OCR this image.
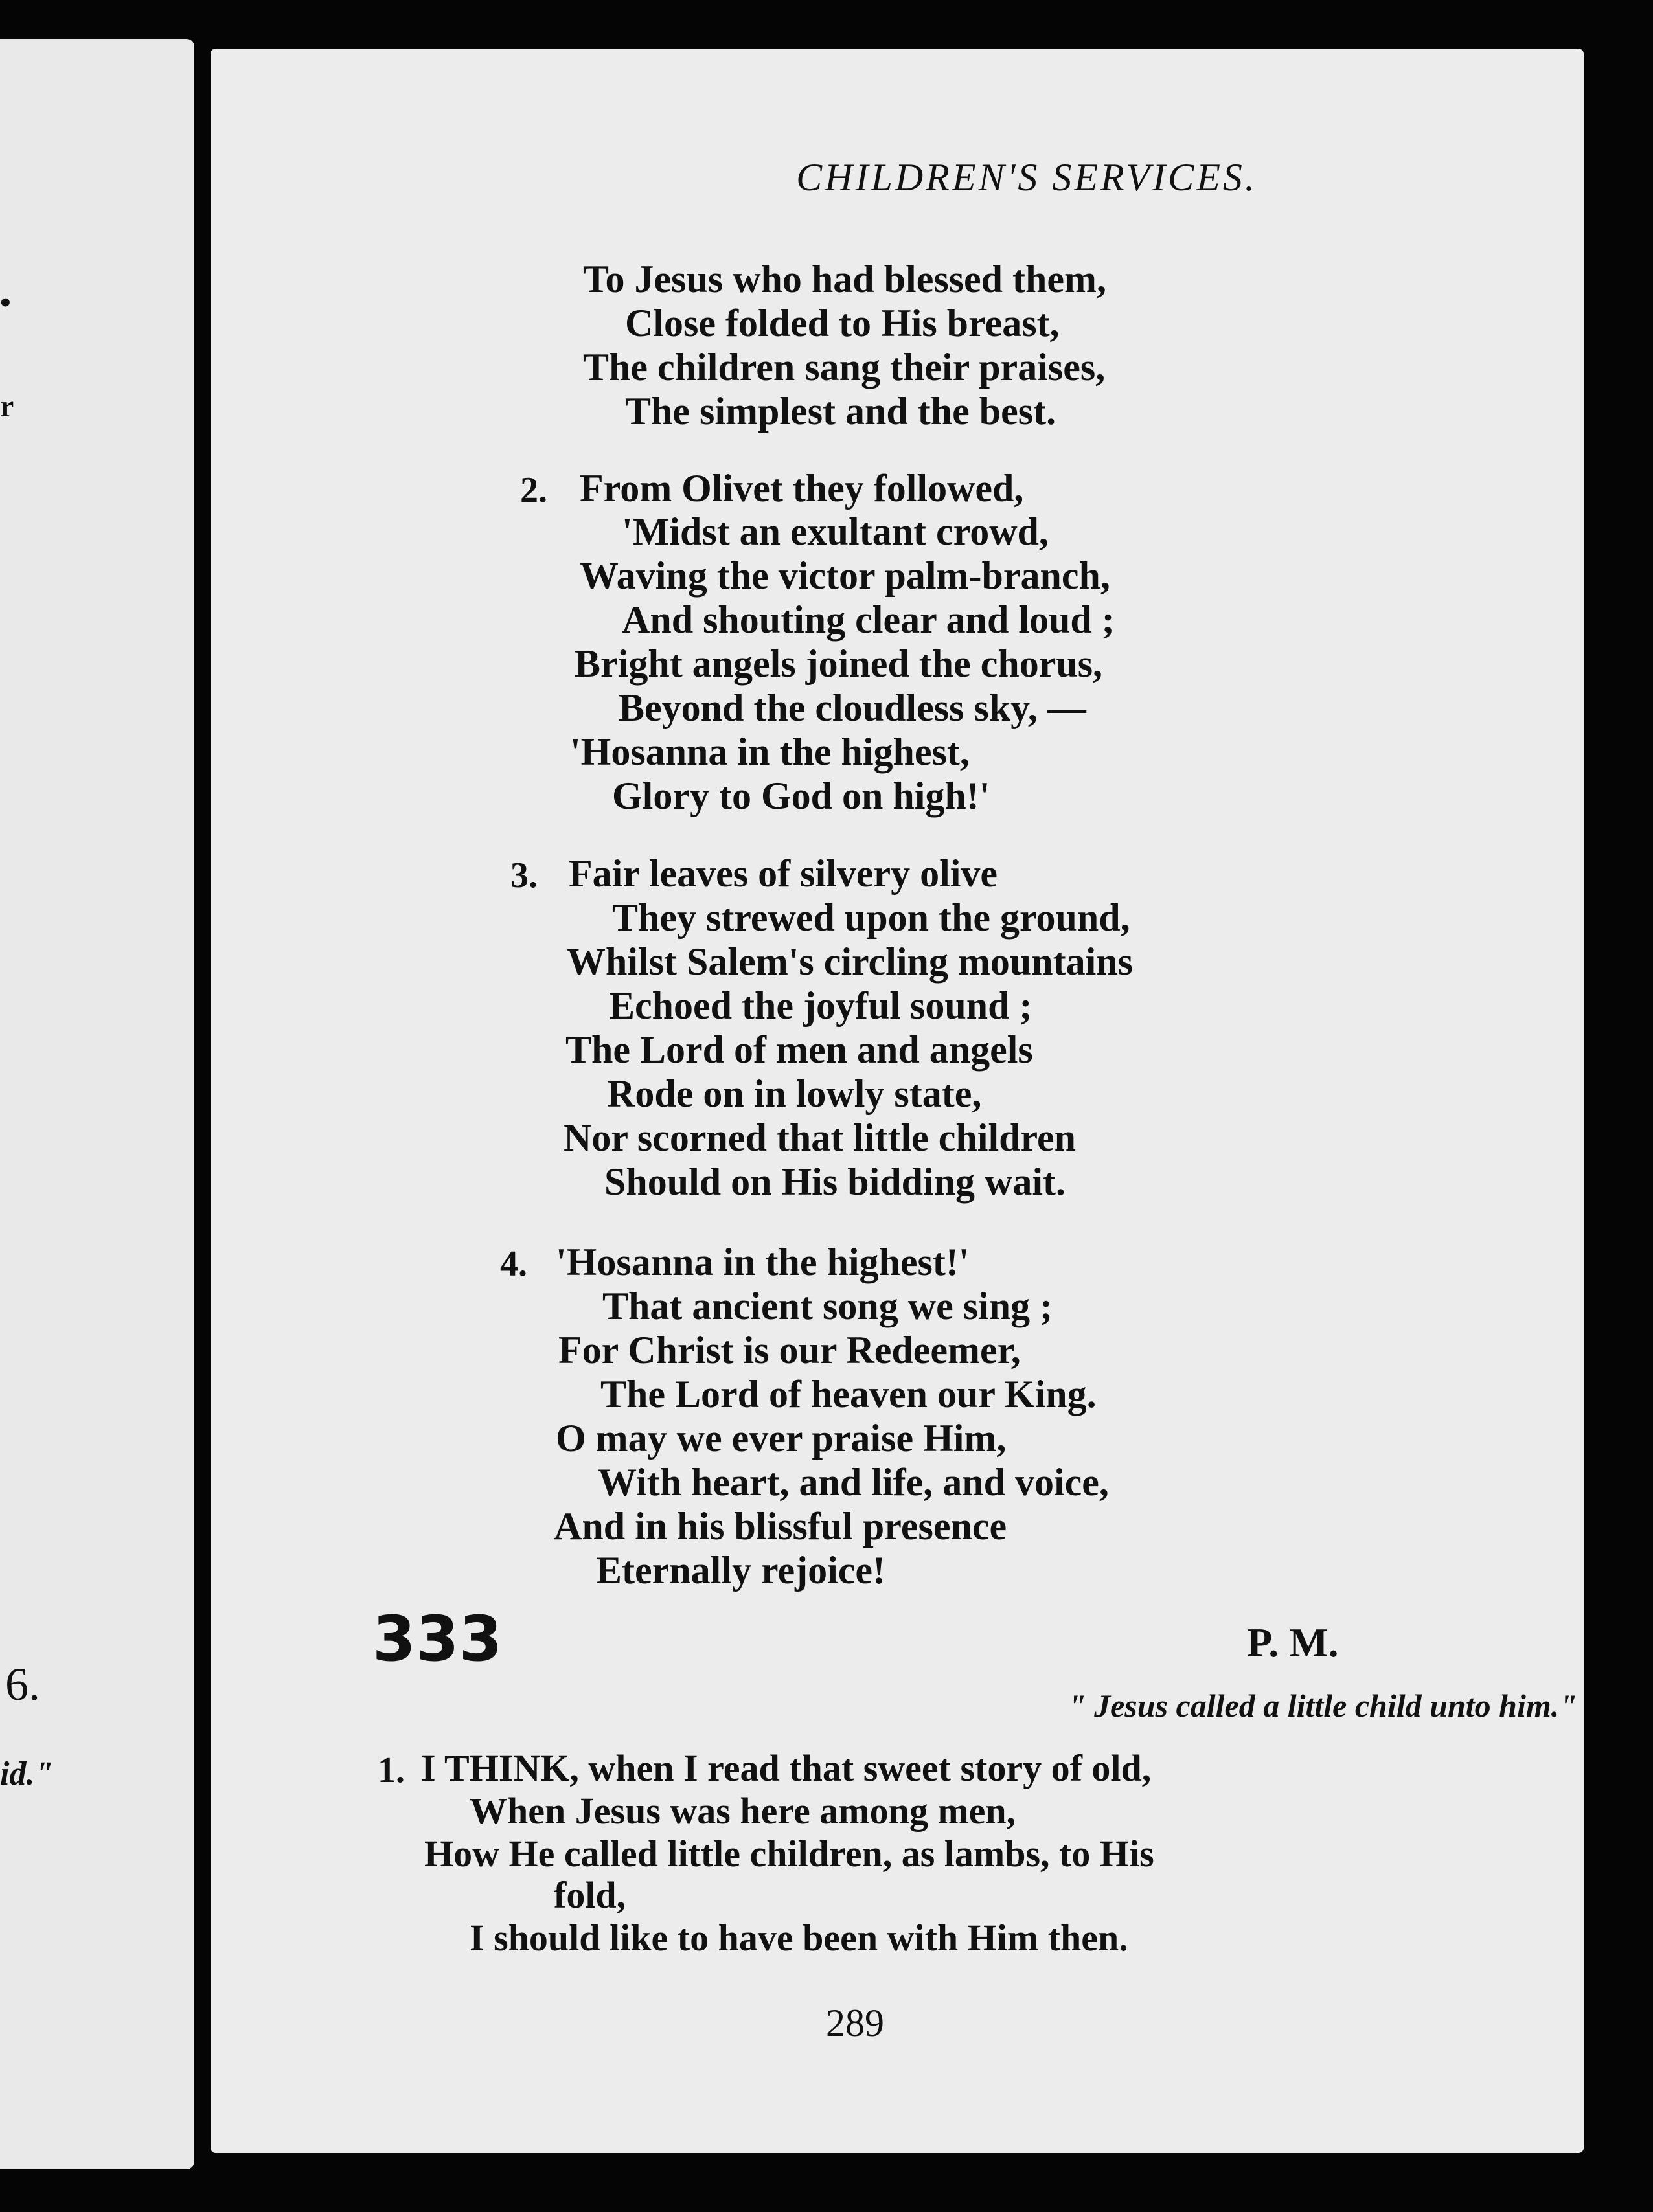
•
r
6.
id."
CHILDREN'S SERVICES.
To Jesus who had blessed them,
Close folded to His breast,
The children sang their praises,
The simplest and the best.
2. From Olivet they followed,
'Midst an exultant crowd,
Waving the victor palm-branch,
And shouting clear and loud ;
Bright angels joined the chorus,
Beyond the cloudless sky, —
'Hosanna in the highest,
Glory to God on high!'
3. Fair leaves of silvery olive
They strewed upon the ground,
Whilst Salem's circling mountains
Echoed the joyful sound ;
The Lord of men and angels
Rode on in lowly state,
Nor scorned that little children
Should on His bidding wait.
4. 'Hosanna in the highest!'
That ancient song we sing ;
For Christ is our Redeemer,
The Lord of heaven our King.
O may we ever praise Him,
With heart, and life, and voice,
And in his blissful presence
Eternally rejoice!
333	P. M.
" Jesus called a little child unto him."
1. I THINK, when I read that sweet story of old,
When Jesus was here among men,
How He called little children, as lambs, to His
fold,
I should like to have been with Him then.
289
